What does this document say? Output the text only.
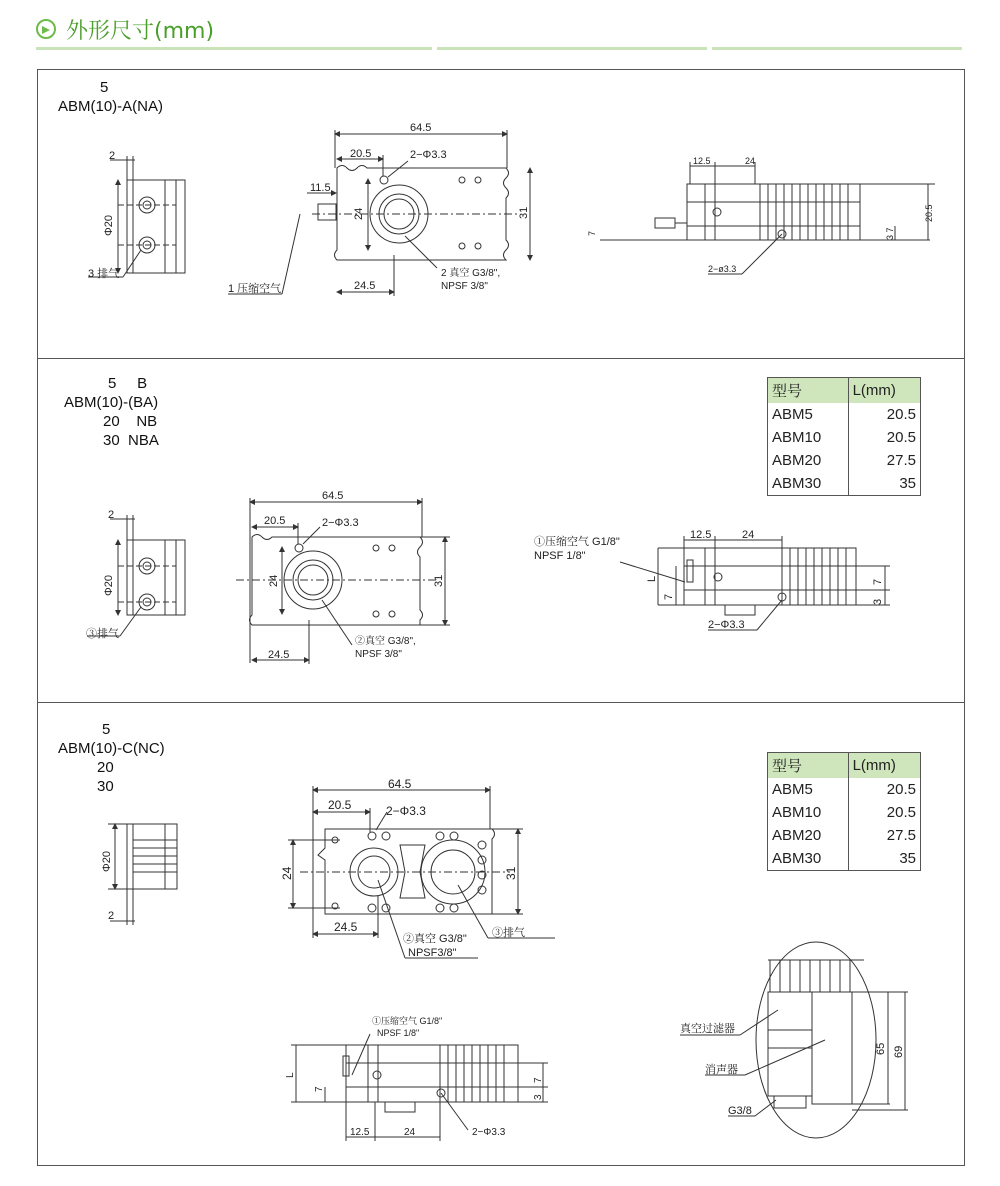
外形尺寸(mm)
5
ABM(10)-A(NA)
5     B
ABM(10)-(BA)
20    NB
30  NBA
5
ABM(10)-C(NC)
20
30
型号	L(mm)
ABM5	20.5
ABM10	20.5
ABM20	27.5
ABM30	35
型号	L(mm)
ABM5	20.5
ABM10	20.5
ABM20	27.5
ABM30	35
2
Φ20
3 排气
64.5
20.5	2−Φ3.3
11.5
24	31
24.5
2 真空 G3/8",
NPSF 3/8"
1 压缩空气
12.5	24
20.5
7	3 7
2−ø3.3
2
Φ20
③排气
64.5
20.5	2−Φ3.3
24	31
24.5
②真空 G3/8",
NPSF 3/8"
12.5	24
L
7
7
3
①压缩空气 G1/8"
NPSF 1/8"
2−Φ3.3
Φ20
2
64.5
20.5	2−Φ3.3
24	31
24.5
②真空 G3/8"
NPSF3/8"
③排气
L
7
7
3
12.5	24	2−Φ3.3
①压缩空气 G1/8"
NPSF 1/8"	真空过滤器
消声器
G3/8
65 69
